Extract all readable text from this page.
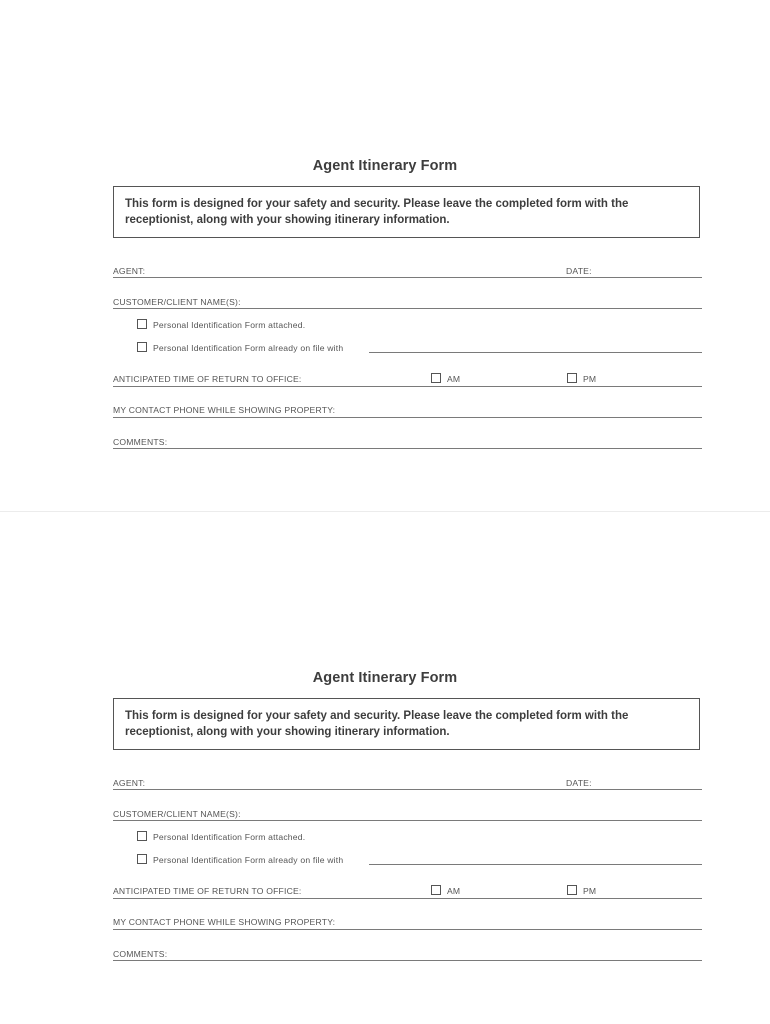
Agent Itinerary Form
This form is designed for your safety and security. Please leave the completed form with the
receptionist, along with your showing itinerary information.
AGENT:	DATE:
CUSTOMER/CLIENT NAME(S):
Personal Identification Form attached.
Personal Identification Form already on file with
ANTICIPATED TIME OF RETURN TO OFFICE:	AM	PM
MY CONTACT PHONE WHILE SHOWING PROPERTY:
COMMENTS:
Agent Itinerary Form
This form is designed for your safety and security. Please leave the completed form with the
receptionist, along with your showing itinerary information.
AGENT:	DATE:
CUSTOMER/CLIENT NAME(S):
Personal Identification Form attached.
Personal Identification Form already on file with
ANTICIPATED TIME OF RETURN TO OFFICE:	AM	PM
MY CONTACT PHONE WHILE SHOWING PROPERTY:
COMMENTS:
